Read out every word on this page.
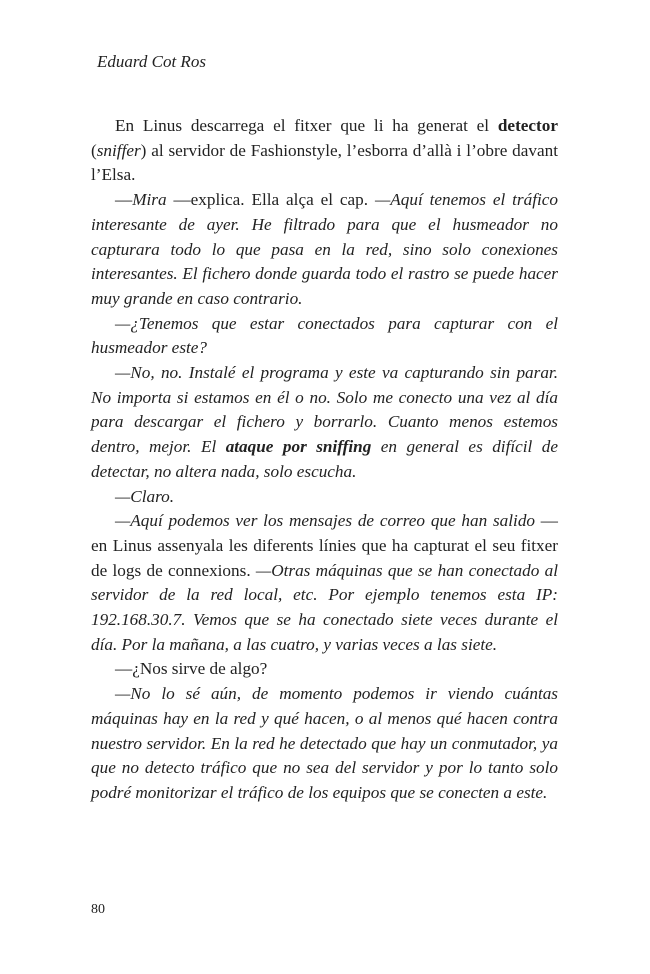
Eduard Cot Ros

En Linus descarrega el fitxer que li ha generat el detector (sniffer) al servidor de Fashionstyle, l’esborra d’allà i l’obre davant l’Elsa.

—Mira —explica. Ella alça el cap. —Aquí tenemos el tráfico interesante de ayer. He filtrado para que el husmeador no capturara todo lo que pasa en la red, sino solo conexiones interesantes. El fichero donde guarda todo el rastro se puede hacer muy grande en caso contrario.

—¿Tenemos que estar conectados para capturar con el husmeador este?

—No, no. Instalé el programa y este va capturando sin parar. No importa si estamos en él o no. Solo me conecto una vez al día para descargar el fichero y borrarlo. Cuanto menos estemos dentro, mejor. El ataque por sniffing en general es difícil de detectar, no altera nada, solo escucha.

—Claro.

—Aquí podemos ver los mensajes de correo que han salido — en Linus assenyala les diferents línies que ha capturat el seu fitxer de logs de connexions. —Otras máquinas que se han conectado al servidor de la red local, etc. Por ejemplo tenemos esta IP: 192.168.30.7. Vemos que se ha conectado siete veces durante el día. Por la mañana, a las cuatro, y varias veces a las siete.

—¿Nos sirve de algo?

—No lo sé aún, de momento podemos ir viendo cuántas máquinas hay en la red y qué hacen, o al menos qué hacen contra nuestro servidor. En la red he detectado que hay un conmutador, ya que no detecto tráfico que no sea del servidor y por lo tanto solo podré monitorizar el tráfico de los equipos que se conecten a este.

80
